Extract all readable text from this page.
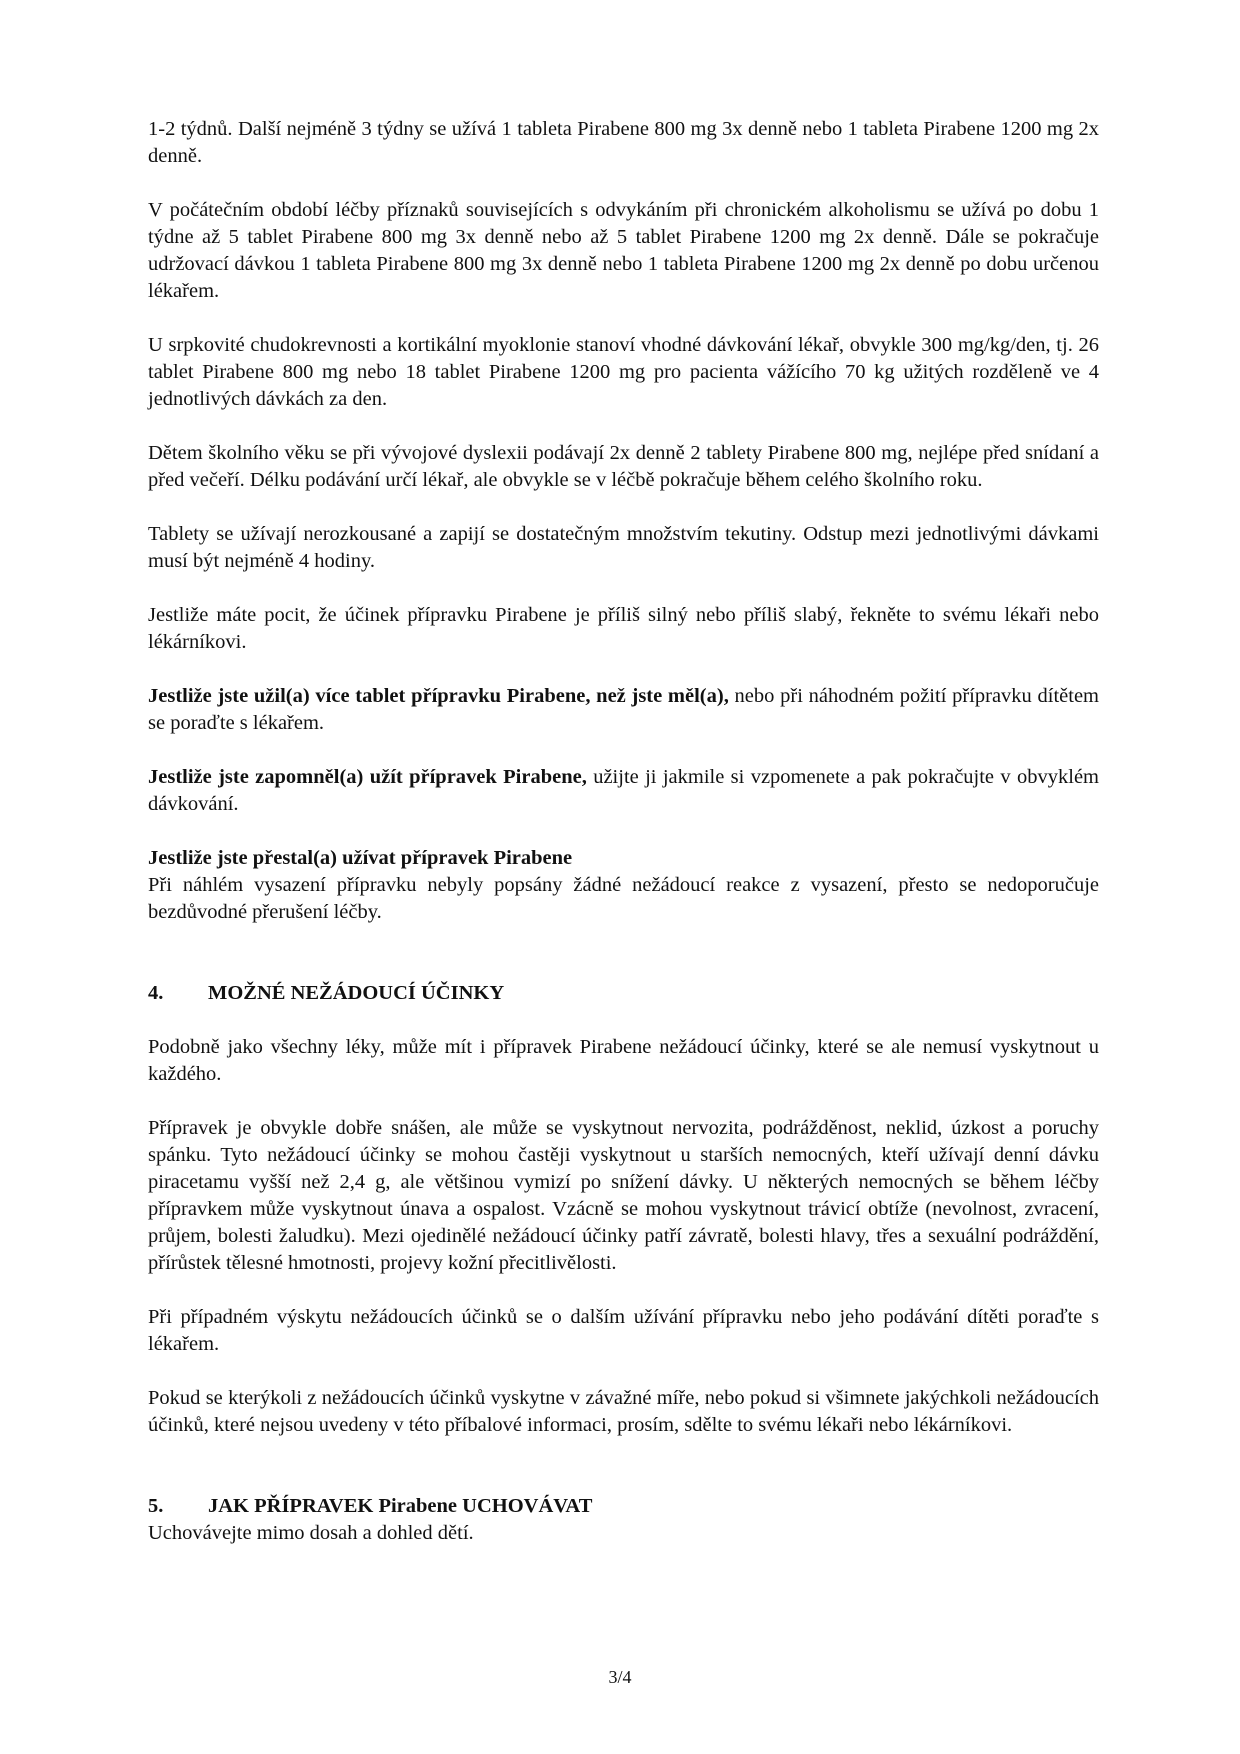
1-2 týdnů. Další nejméně 3 týdny se užívá 1 tableta Pirabene 800 mg 3x denně nebo 1 tableta Pirabene 1200 mg 2x denně.

V počátečním období léčby příznaků souvisejících s odvykáním při chronickém alkoholismu se užívá po dobu 1 týdne až 5 tablet Pirabene 800 mg 3x denně nebo až 5 tablet Pirabene 1200 mg 2x denně. Dále se pokračuje udržovací dávkou 1 tableta Pirabene 800 mg 3x denně nebo 1 tableta Pirabene 1200 mg 2x denně po dobu určenou lékařem.

U srpkovité chudokrevnosti a kortikální myoklonie stanoví vhodné dávkování lékař, obvykle 300 mg/kg/den, tj. 26 tablet Pirabene 800 mg nebo 18 tablet Pirabene 1200 mg pro pacienta vážícího 70 kg užitých rozděleně ve 4 jednotlivých dávkách za den.

Dětem školního věku se při vývojové dyslexii podávají 2x denně 2 tablety Pirabene 800 mg, nejlépe před snídaní a před večeří. Délku podávání určí lékař, ale obvykle se v léčbě pokračuje během celého školního roku.

Tablety se užívají nerozkousané a zapijí se dostatečným množstvím tekutiny. Odstup mezi jednotlivými dávkami musí být nejméně 4 hodiny.

Jestliže máte pocit, že účinek přípravku Pirabene je příliš silný nebo příliš slabý, řekněte to svému lékaři nebo lékárníkovi.

Jestliže jste užil(a) více tablet přípravku Pirabene, než jste měl(a), nebo při náhodném požití přípravku dítětem se poraďte s lékařem.

Jestliže jste zapomněl(a) užít přípravek Pirabene, užijte ji jakmile si vzpomenete a pak pokračujte v obvyklém dávkování.

Jestliže jste přestal(a) užívat přípravek Pirabene

Při náhlém vysazení přípravku nebyly popsány žádné nežádoucí reakce z vysazení, přesto se nedoporučuje bezdůvodné přerušení léčby.

4. MOŽNÉ NEŽÁDOUCÍ ÚČINKY

Podobně jako všechny léky, může mít i přípravek Pirabene nežádoucí účinky, které se ale nemusí vyskytnout u každého.

Přípravek je obvykle dobře snášen, ale může se vyskytnout nervozita, podrážděnost, neklid, úzkost a poruchy spánku. Tyto nežádoucí účinky se mohou častěji vyskytnout u starších nemocných, kteří užívají denní dávku piracetamu vyšší než 2,4 g, ale většinou vymizí po snížení dávky. U některých nemocných se během léčby přípravkem může vyskytnout únava a ospalost. Vzácně se mohou vyskytnout trávicí obtíže (nevolnost, zvracení, průjem, bolesti žaludku). Mezi ojedinělé nežádoucí účinky patří závratě, bolesti hlavy, třes a sexuální podráždění, přírůstek tělesné hmotnosti, projevy kožní přecitlivělosti.

Při případném výskytu nežádoucích účinků se o dalším užívání přípravku nebo jeho podávání dítěti poraďte s lékařem.

Pokud se kterýkoli z nežádoucích účinků vyskytne v závažné míře, nebo pokud si všimnete jakýchkoli nežádoucích účinků, které nejsou uvedeny v této příbalové informaci, prosím, sdělte to svému lékaři nebo lékárníkovi.

5. JAK PŘÍPRAVEK Pirabene UCHOVÁVAT

Uchovávejte mimo dosah a dohled dětí.

3/4
